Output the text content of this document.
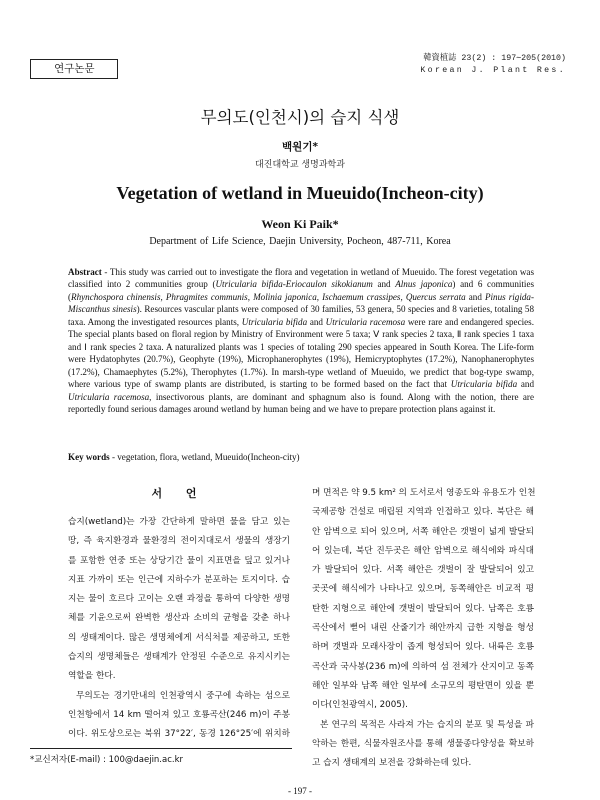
연구논문
韓資植誌 23(2) : 197∼205(2010)
Korean J. Plant Res.
무의도(인천시)의 습지 식생
백원기*
대진대학교 생명과학과
Vegetation of wetland in Mueuido(Incheon-city)
Weon Ki Paik*
Department of Life Science, Daejin University, Pocheon, 487-711, Korea
Abstract - This study was carried out to investigate the flora and vegetation in wetland of Mueuido. The forest vegetation was classified into 2 communities group (Utricularia bifida-Eriocaulon sikokianum and Alnus japonica) and 6 communities (Rhynchospora chinensis, Phragmites communis, Molinia japonica, Ischaemum crassipes, Quercus serrata and Pinus rigida-Miscanthus sinesis). Resources vascular plants were composed of 30 families, 53 genera, 50 species and 8 varieties, totaling 58 taxa. Among the investigated resources plants, Utricularia bifida and Utricularia racemosa were rare and endangered species. The special plants based on floral region by Ministry of Environment were 5 taxa; Ⅴ rank species 2 taxa, Ⅱ rank species 1 taxa and Ⅰ rank species 2 taxa. A naturalized plants was 1 species of totaling 290 species appeared in South Korea. The Life-form were Hydatophytes (20.7%), Geophyte (19%), Microphanerophytes (19%), Hemicryptophytes (17.2%), Nanophanerophytes (17.2%), Chamaephytes (5.2%), Therophytes (1.7%). In marsh-type wetland of Mueuido, we predict that bog-type swamp, where various type of swamp plants are distributed, is starting to be formed based on the fact that Utricularia bifida and Utricularia racemosa, insectivorous plants, are dominant and sphagnum also is found. Along with the notion, there are reportedly found serious damages around wetland by human being and we have to prepare protection plans against it.
Key words - vegetation, flora, wetland, Mueuido(Incheon-city)
서 언
습지(wetland)는 가장 간단하게 말하면 물을 담고 있는
땅, 즉 육지환경과 물환경의 전이지대로서 생물의 생장기
를 포함한 연중 또는 상당기간 물이 지표면을 덮고 있거나
지표 가까이 또는 인근에 지하수가 분포하는 토지이다. 습
지는 물이 흐르다 고이는 오랜 과정을 통하여 다양한 생명
체를 기윤으로써 완벽한 생산과 소비의 균형을 갖춘 하나
의 생태계이다. 많은 생명체에게 서식처를 제공하고, 또한
습지의 생명체들은 생태계가 안정된 수준으로 유지시키는
역할을 한다.
무의도는 경기만내의 인천광역시 중구에 속하는 섬으로
인천항에서 14 km 떨어져 있고 호룡곡산(246 m)이 주봉
이다. 위도상으로는 북위 37°22′, 동경 126°25′에 위치하
며 면적은 약 9.5 km² 의 도서로서 영종도와 유용도가 인천
국제공항 건설로 매립된 지역과 인접하고 있다. 북단은 해
안 암벽으로 되어 있으며, 서쪽 해안은 갯벌이 넓게 발달되
어 있는데, 북단 진두곳은 해안 암벽으로 해식에와 파식대
가 발달되어 있다. 서쪽 해안은 갯벌이 잘 발달되어 있고
곳곳에 해식에가 나타나고 있으며, 동쪽해안은 비교적 평
탄한 지형으로 해안에 갯벌이 발달되어 있다. 남쪽은 호룡
곡산에서 뻗어 내린 산줄기가 해안까지 급한 지형을 형성
하며 갯벌과 모래사장이 좁게 형성되어 있다. 내륙은 호룡
곡산과 국사봉(236 m)에 의하여 섬 전체가 산지이고 동쪽
해안 일부와 남쪽 해안 일부에 소규모의 평탄면이 있을 뿐
이다(인천광역시, 2005).
본 연구의 목적은 사라져 가는 습지의 분포 및 특성을 파
악하는 한편, 식물자원조사를 통해 생물종다양성을 확보하
고 습지 생태계의 보전을 강화하는데 있다.
*교신저자(E-mail) : 100@daejin.ac.kr
- 197 -
